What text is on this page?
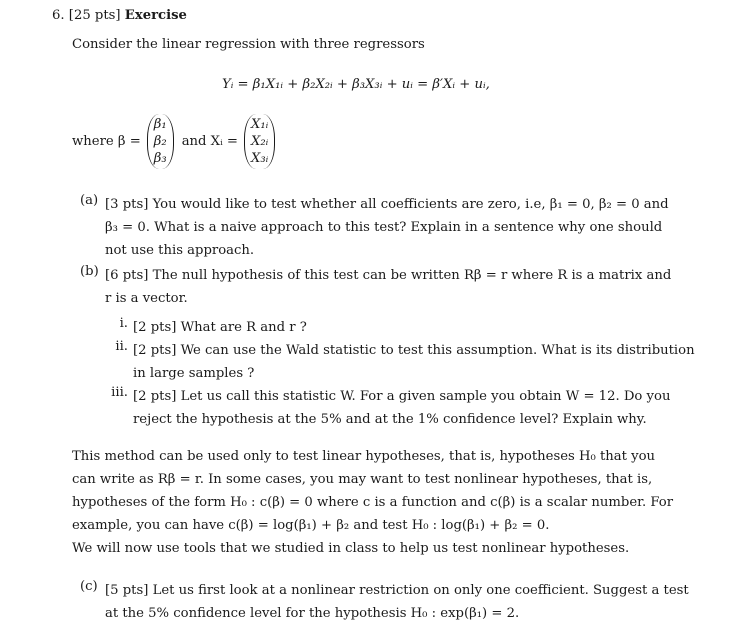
6. [25 pts] Exercise
Consider the linear regression with three regressors
Yᵢ = β₁X₁ᵢ + β₂X₂ᵢ + β₃X₃ᵢ + uᵢ = β′Xᵢ + uᵢ,
where β =
β₁
β₂
β₃
and Xᵢ =
X₁ᵢ
X₂ᵢ
X₃ᵢ
(a) [3 pts] You would like to test whether all coefficients are zero, i.e, β₁ = 0, β₂ = 0 and
β₃ = 0. What is a naive approach to this test? Explain in a sentence why one should
not use this approach.
(b) [6 pts] The null hypothesis of this test can be written Rβ = r where R is a matrix and
r is a vector.
i. [2 pts] What are R and r ?
ii. [2 pts] We can use the Wald statistic to test this assumption. What is its distribution
in large samples ?
iii. [2 pts] Let us call this statistic W. For a given sample you obtain W = 12. Do you
reject the hypothesis at the 5% and at the 1% confidence level? Explain why.
This method can be used only to test linear hypotheses, that is, hypotheses H₀ that you
can write as Rβ = r. In some cases, you may want to test nonlinear hypotheses, that is,
hypotheses of the form H₀ : c(β) = 0 where c is a function and c(β) is a scalar number. For
example, you can have c(β) = log(β₁) + β₂ and test H₀ : log(β₁) + β₂ = 0.
We will now use tools that we studied in class to help us test nonlinear hypotheses.
(c) [5 pts] Let us first look at a nonlinear restriction on only one coefficient. Suggest a test
at the 5% confidence level for the hypothesis H₀ : exp(β₁) = 2.
